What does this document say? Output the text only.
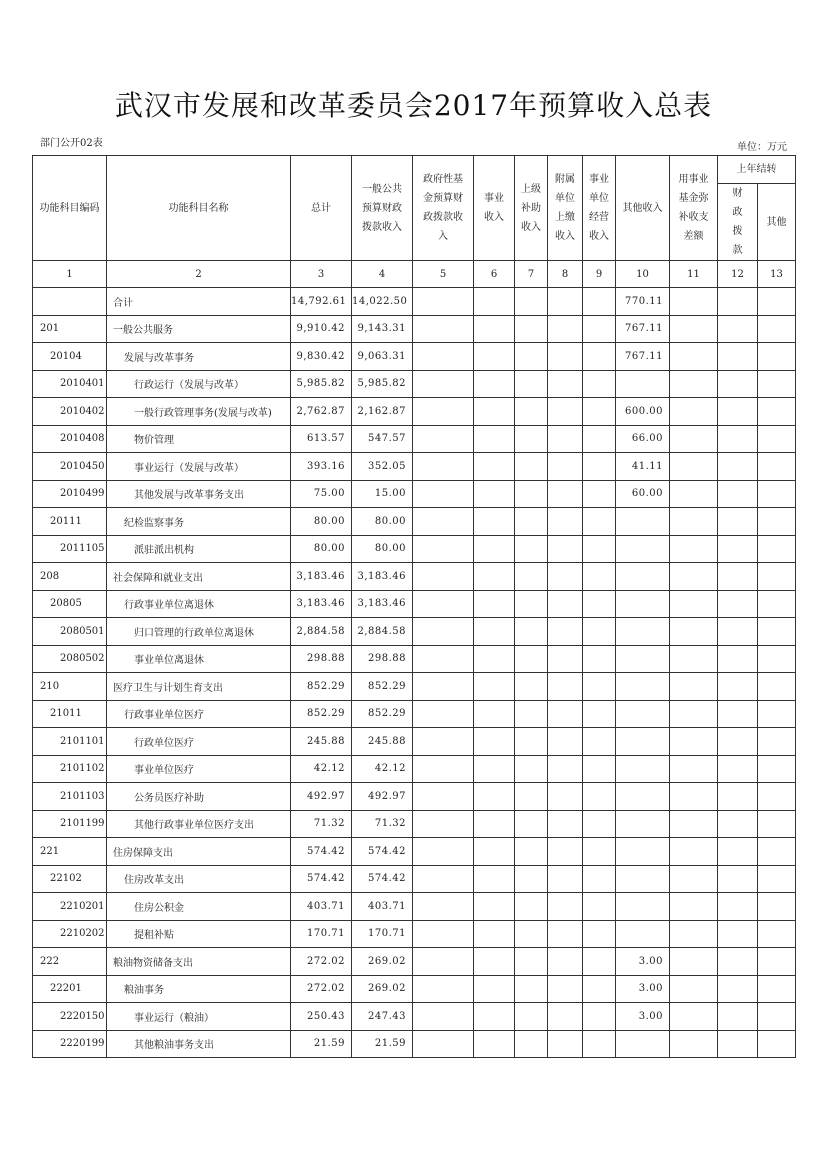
武汉市发展和改革委员会2017年预算收入总表
部门公开02表	单位：万元
功能科目编码	功能科目名称	总计	一般公共预算财政拨款收入	政府性基金预算财政拨款收入	事业收入	上级补助收入	附属单位上缴收入	事业单位经营收入	其他收入	用事业基金弥补收支差额	上年结转	
											财政拨款	其他
1	2	3	4	5	6	7	8	9	10	11	12	13
	合计	14,792.61	14,022.50						770.11			
201	一般公共服务	9,910.42	9,143.31						767.11			
20104	发展与改革事务	9,830.42	9,063.31						767.11			
2010401	行政运行（发展与改革）	5,985.82	5,985.82									
2010402	一般行政管理事务(发展与改革)	2,762.87	2,162.87						600.00			
2010408	物价管理	613.57	547.57						66.00			
2010450	事业运行（发展与改革）	393.16	352.05						41.11			
2010499	其他发展与改革事务支出	75.00	15.00						60.00			
20111	纪检监察事务	80.00	80.00									
2011105	派驻派出机构	80.00	80.00									
208	社会保障和就业支出	3,183.46	3,183.46									
20805	行政事业单位离退休	3,183.46	3,183.46									
2080501	归口管理的行政单位离退休	2,884.58	2,884.58									
2080502	事业单位离退休	298.88	298.88									
210	医疗卫生与计划生育支出	852.29	852.29									
21011	行政事业单位医疗	852.29	852.29									
2101101	行政单位医疗	245.88	245.88									
2101102	事业单位医疗	42.12	42.12									
2101103	公务员医疗补助	492.97	492.97									
2101199	其他行政事业单位医疗支出	71.32	71.32									
221	住房保障支出	574.42	574.42									
22102	住房改革支出	574.42	574.42									
2210201	住房公积金	403.71	403.71									
2210202	提租补贴	170.71	170.71									
222	粮油物资储备支出	272.02	269.02						3.00			
22201	粮油事务	272.02	269.02						3.00			
2220150	事业运行（粮油）	250.43	247.43						3.00			
2220199	其他粮油事务支出	21.59	21.59									
